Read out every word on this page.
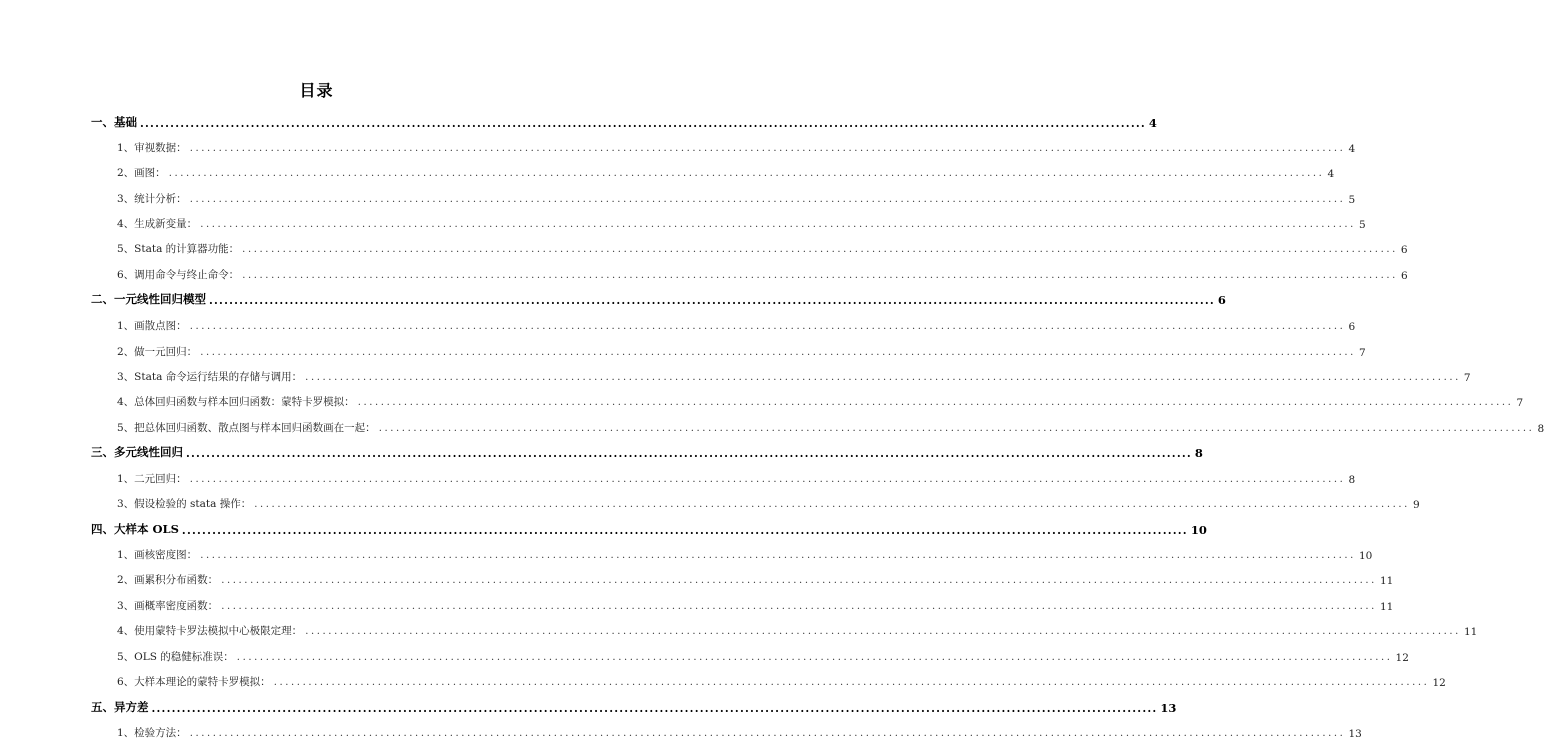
目录
一、基础 ........................................................................................................................................................................................................ 4
1、审视数据： ........................................................................................................................................................................................................ 4
2、画图： ........................................................................................................................................................................................................ 4
3、统计分析： ........................................................................................................................................................................................................ 5
4、生成新变量： ........................................................................................................................................................................................................ 5
5、Stata 的计算器功能： ........................................................................................................................................................................................................ 6
6、调用命令与终止命令： ........................................................................................................................................................................................................ 6
二、一元线性回归模型 ........................................................................................................................................................................................................ 6
1、画散点图： ........................................................................................................................................................................................................ 6
2、做一元回归： ........................................................................................................................................................................................................ 7
3、Stata 命令运行结果的存储与调用： ........................................................................................................................................................................................................ 7
4、总体回归函数与样本回归函数：蒙特卡罗模拟： ........................................................................................................................................................................................................ 7
5、把总体回归函数、散点图与样本回归函数画在一起： ........................................................................................................................................................................................................ 8
三、多元线性回归 ........................................................................................................................................................................................................ 8
1、二元回归： ........................................................................................................................................................................................................ 8
3、假设检验的 stata 操作： ........................................................................................................................................................................................................ 9
四、大样本 OLS ........................................................................................................................................................................................................ 10
1、画核密度图： ........................................................................................................................................................................................................ 10
2、画累积分布函数： ........................................................................................................................................................................................................ 11
3、画概率密度函数： ........................................................................................................................................................................................................ 11
4、使用蒙特卡罗法模拟中心极限定理： ........................................................................................................................................................................................................ 11
5、OLS 的稳健标准误： ........................................................................................................................................................................................................ 12
6、大样本理论的蒙特卡罗模拟： ........................................................................................................................................................................................................ 12
五、异方差 ........................................................................................................................................................................................................ 13
1、检验方法： ........................................................................................................................................................................................................ 13
